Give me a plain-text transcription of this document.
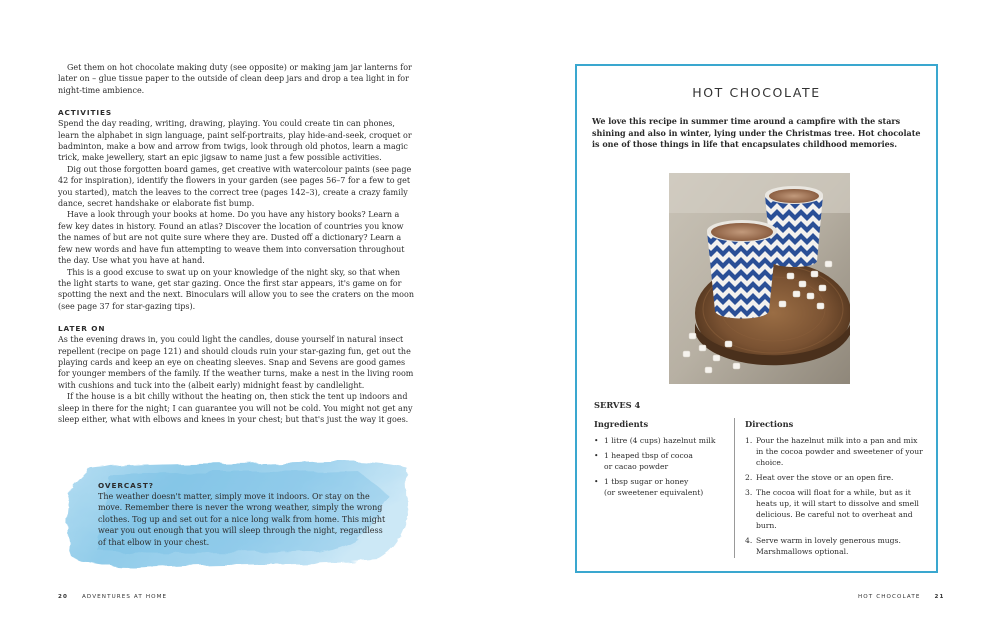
Get them on hot chocolate making duty (see opposite) or making jam jar lanterns for later on – glue tissue paper to the outside of clean deep jars and drop a tea light in for night-time ambience.

ACTIVITIES

Spend the day reading, writing, drawing, playing. You could create tin can phones, learn the alphabet in sign language, paint self-portraits, play hide-and-seek, croquet or badminton, make a bow and arrow from twigs, look through old photos, learn a magic trick, make jewellery, start an epic jigsaw to name just a few possible activities.

Dig out those forgotten board games, get creative with watercolour paints (see page 42 for inspiration), identify the flowers in your garden (see pages 56–7 for a few to get you started), match the leaves to the correct tree (pages 142–3), create a crazy family dance, secret handshake or elaborate fist bump.

Have a look through your books at home. Do you have any history books? Learn a few key dates in history. Found an atlas? Discover the location of countries you know the names of but are not quite sure where they are. Dusted off a dictionary? Learn a few new words and have fun attempting to weave them into conversation throughout the day. Use what you have at hand.

This is a good excuse to swat up on your knowledge of the night sky, so that when the light starts to wane, get star gazing. Once the first star appears, it's game on for spotting the next and the next. Binoculars will allow you to see the craters on the moon (see page 37 for star-gazing tips).

LATER ON

As the evening draws in, you could light the candles, douse yourself in natural insect repellent (recipe on page 121) and should clouds ruin your star-gazing fun, get out the playing cards and keep an eye on cheating sleeves. Snap and Sevens are good games for younger members of the family. If the weather turns, make a nest in the living room with cushions and tuck into the (albeit early) midnight feast by candlelight.

If the house is a bit chilly without the heating on, then stick the tent up indoors and sleep in there for the night; I can guarantee you will not be cold. You might not get any sleep either, what with elbows and knees in your chest; but that's just the way it goes.

OVERCAST?

The weather doesn't matter, simply move it indoors. Or stay on the move. Remember there is never the wrong weather, simply the wrong clothes. Tog up and set out for a nice long walk from home. This might wear you out enough that you will sleep through the night, regardless of that elbow in your chest.

20	ADVENTURES AT HOME
HOT CHOCOLATE
We love this recipe in summer time around a campfire with the stars shining and also in winter, lying under the Christmas tree. Hot chocolate is one of those things in life that encapsulates childhood memories.
SERVES 4
Ingredients	Directions
• 1 litre (4 cups) hazelnut milk
• 1 heaped tbsp of cocoa
or cacao powder
• 1 tbsp sugar or honey
(or sweetener equivalent)
1. Pour the hazelnut milk into a pan and mix in the cocoa powder and sweetener of your choice.
2. Heat over the stove or an open fire.
3. The cocoa will float for a while, but as it heats up, it will start to dissolve and smell delicious. Be careful not to overheat and burn.
4. Serve warm in lovely generous mugs. Marshmallows optional.
HOT CHOCOLATE	21
